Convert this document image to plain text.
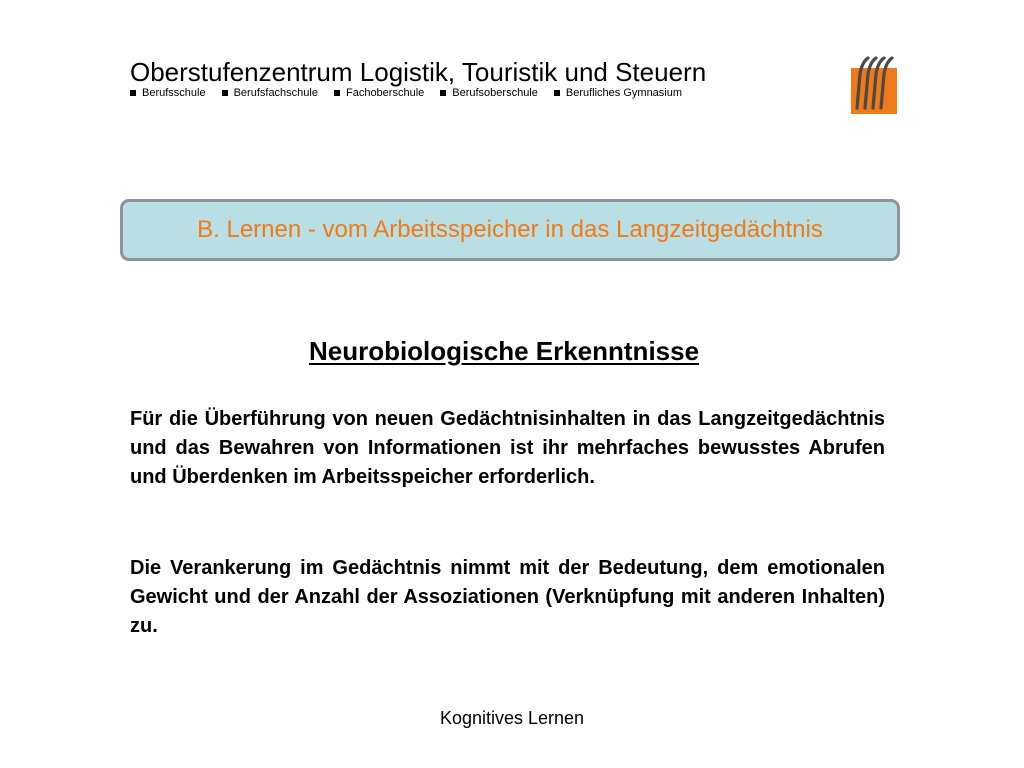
Oberstufenzentrum Logistik, Touristik und Steuern
Berufsschule	Berufsfachschule	Fachoberschule	Berufsoberschule	Berufliches Gymnasium
B. Lernen - vom Arbeitsspeicher in das Langzeitgedächtnis
Neurobiologische Erkenntnisse

Für die Überführung von neuen Gedächtnisinhalten in das Langzeitgedächtnis und das Bewahren von Informationen ist ihr mehrfaches bewusstes Abrufen und Überdenken im Arbeitsspeicher erforderlich.

Die Verankerung im Gedächtnis nimmt mit der Bedeutung, dem emotionalen Gewicht und der Anzahl der Assoziationen (Verknüpfung mit anderen Inhalten) zu.

Kognitives Lernen
